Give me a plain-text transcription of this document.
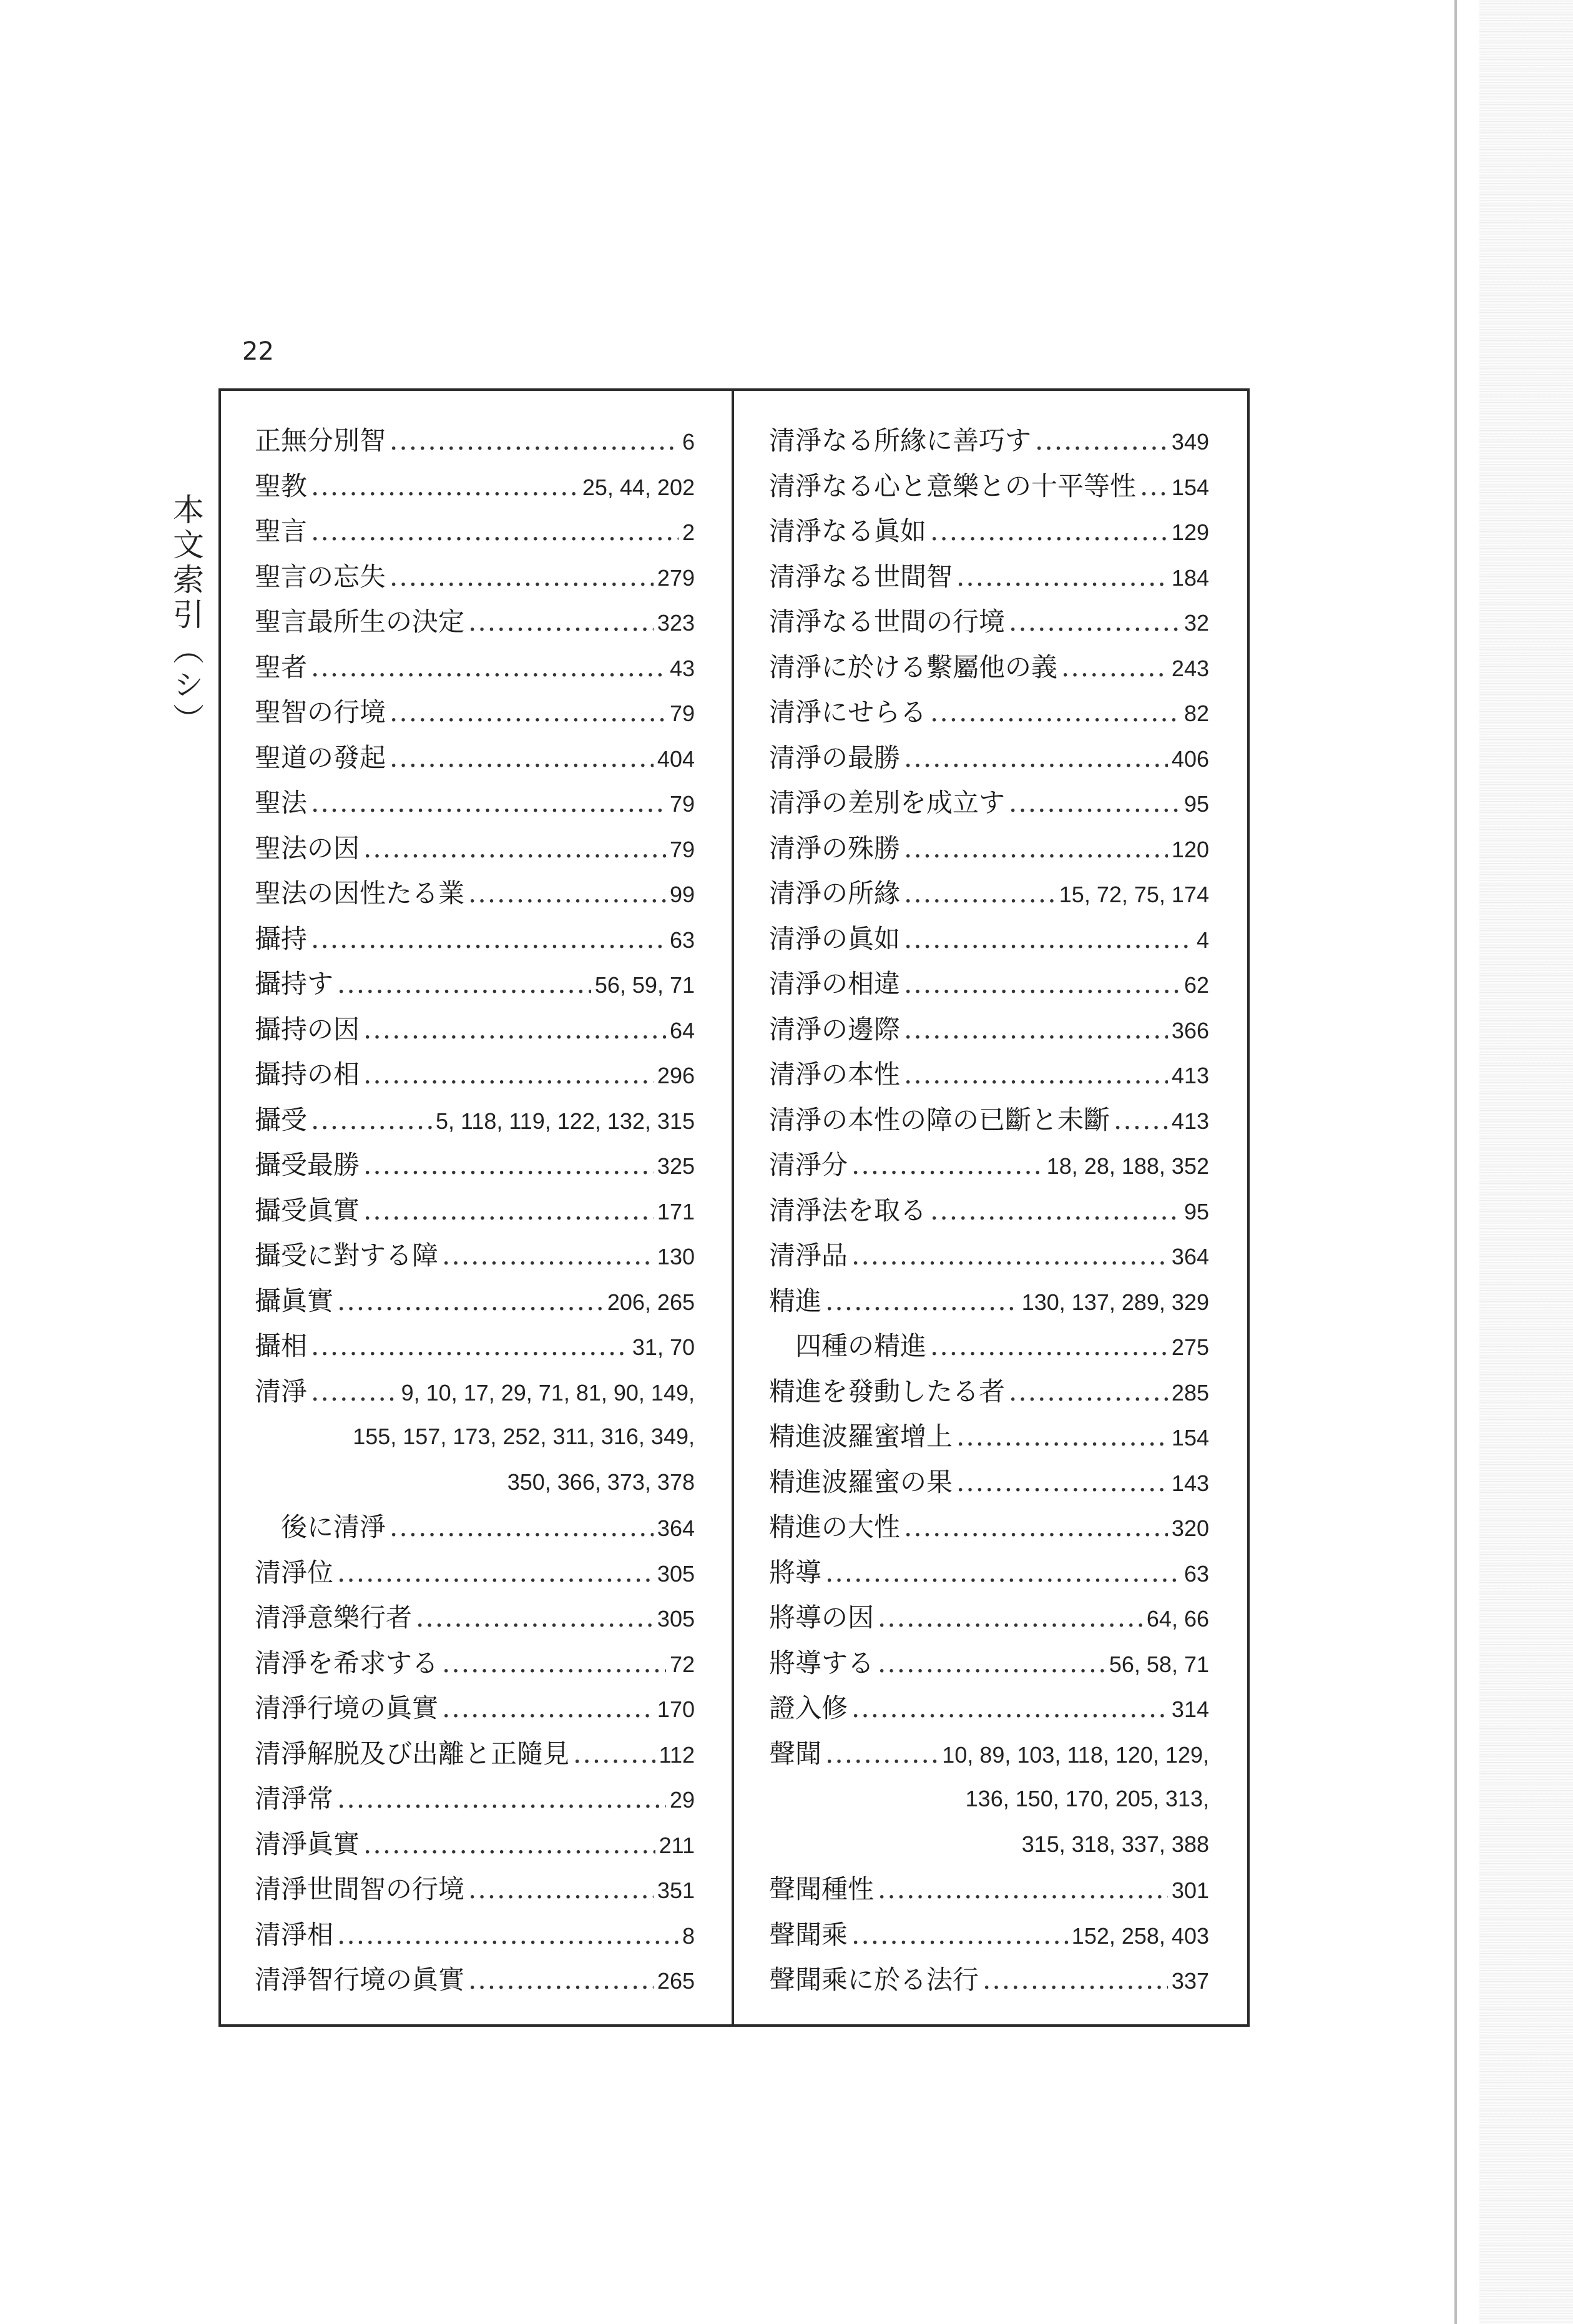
22
本文索引（シ）
正無分別智 .....	6
聖教 .....	25, 44, 202
聖言 .....	2
聖言の忘失 .....	279
聖言最所生の決定 .....	323
聖者 .....	43
聖智の行境 .....	79
聖道の發起 .....	404
聖法 .....	79
聖法の因 .....	79
聖法の因性たる業 .....	99
攝持 .....	63
攝持す .....	56, 59, 71
攝持の因 .....	64
攝持の相 .....	296
攝受 .....	5, 118, 119, 122, 132, 315
攝受最勝 .....	325
攝受眞實 .....	171
攝受に對する障 .....	130
攝眞實 .....	206, 265
攝相 .....	31, 70
清淨 .....	9, 10, 17, 29, 71, 81, 90, 149,
155, 157, 173, 252, 311, 316, 349,
350, 366, 373, 378
後に清淨 .....	364
清淨位 .....	305
清淨意樂行者 .....	305
清淨を希求する .....	72
清淨行境の眞實 .....	170
清淨解脱及び出離と正隨見 .....	112
清淨常 .....	29
清淨眞實 .....	211
清淨世間智の行境 .....	351
清淨相 .....	8
清淨智行境の眞實 .....	265
清淨なる所緣に善巧す .....	349
清淨なる心と意樂との十平等性 ..... 154
清淨なる眞如 .....	129
清淨なる世間智 .....	184
清淨なる世間の行境 .....	32
清淨に於ける繫屬他の義 .....	243
清淨にせらる .....	82
清淨の最勝 .....	406
清淨の差別を成立す .....	95
清淨の殊勝 .....	120
清淨の所緣 .....	15, 72, 75, 174
清淨の眞如 .....	4
清淨の相違 .....	62
清淨の邊際 .....	366
清淨の本性 .....	413
清淨の本性の障の已斷と未斷 .....	413
清淨分 .....	18, 28, 188, 352
清淨法を取る .....	95
清淨品 .....	364
精進 .....	130, 137, 289, 329
四種の精進 .....	275
精進を發動したる者 .....	285
精進波羅蜜增上 .....	154
精進波羅蜜の果 .....	143
精進の大性 .....	320
將導 .....	63
將導の因 .....	64, 66
將導する .....	56, 58, 71
證入修 .....	314
聲聞 .....	10, 89, 103, 118, 120, 129,
136, 150, 170, 205, 313,
315, 318, 337, 388
聲聞種性 .....	301
聲聞乘 .....	152, 258, 403
聲聞乘に於る法行 .....	337
